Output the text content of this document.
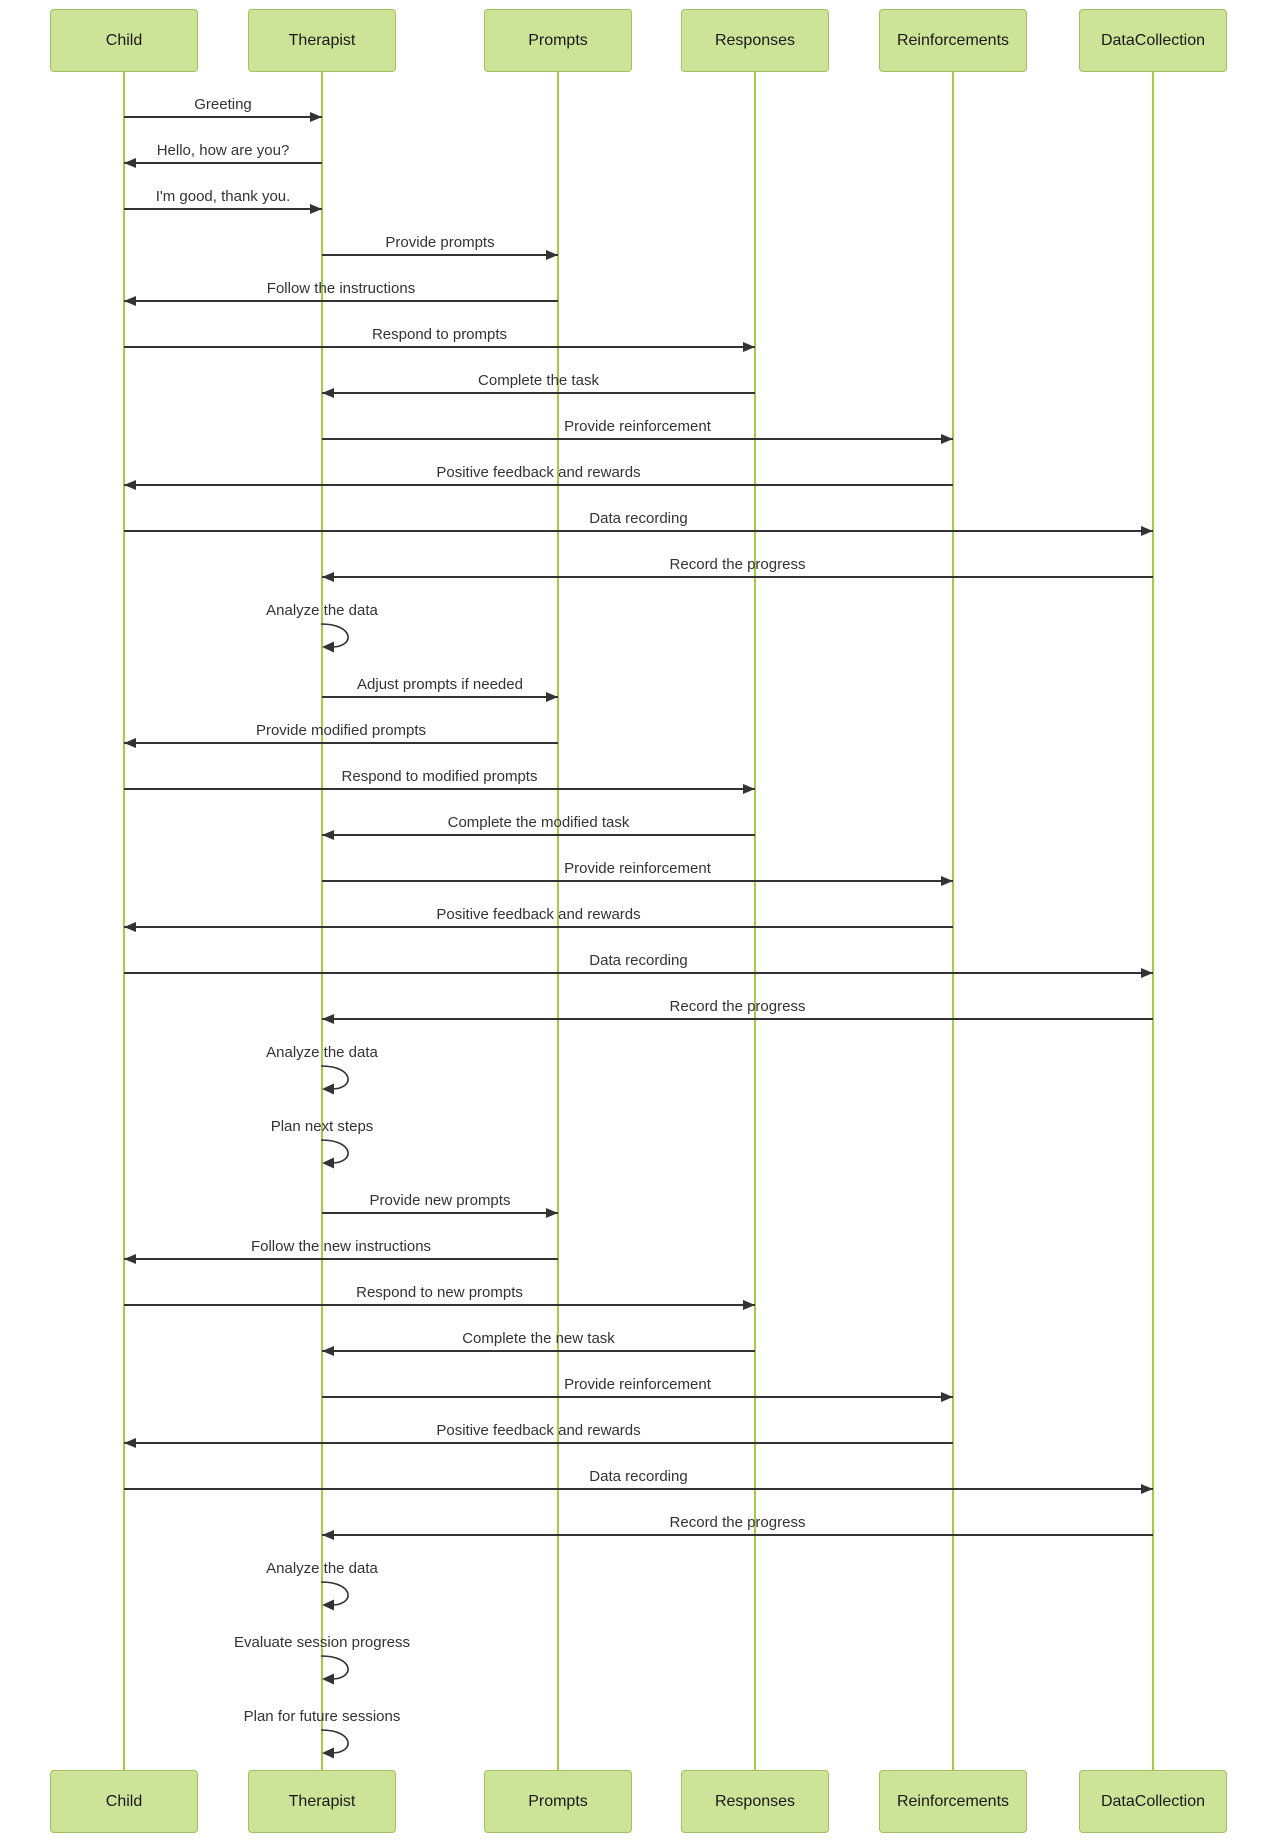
Child
Child
Therapist
Therapist
Prompts
Prompts
Responses
Responses
Reinforcements
Reinforcements
DataCollection
DataCollection
Greeting
Hello, how are you?
I'm good, thank you.
Provide prompts
Follow the instructions
Respond to prompts
Complete the task
Provide reinforcement
Positive feedback and rewards
Data recording
Record the progress
Analyze the data
Adjust prompts if needed
Provide modified prompts
Respond to modified prompts
Complete the modified task
Provide reinforcement
Positive feedback and rewards
Data recording
Record the progress
Analyze the data
Plan next steps
Provide new prompts
Follow the new instructions
Respond to new prompts
Complete the new task
Provide reinforcement
Positive feedback and rewards
Data recording
Record the progress
Analyze the data
Evaluate session progress
Plan for future sessions
